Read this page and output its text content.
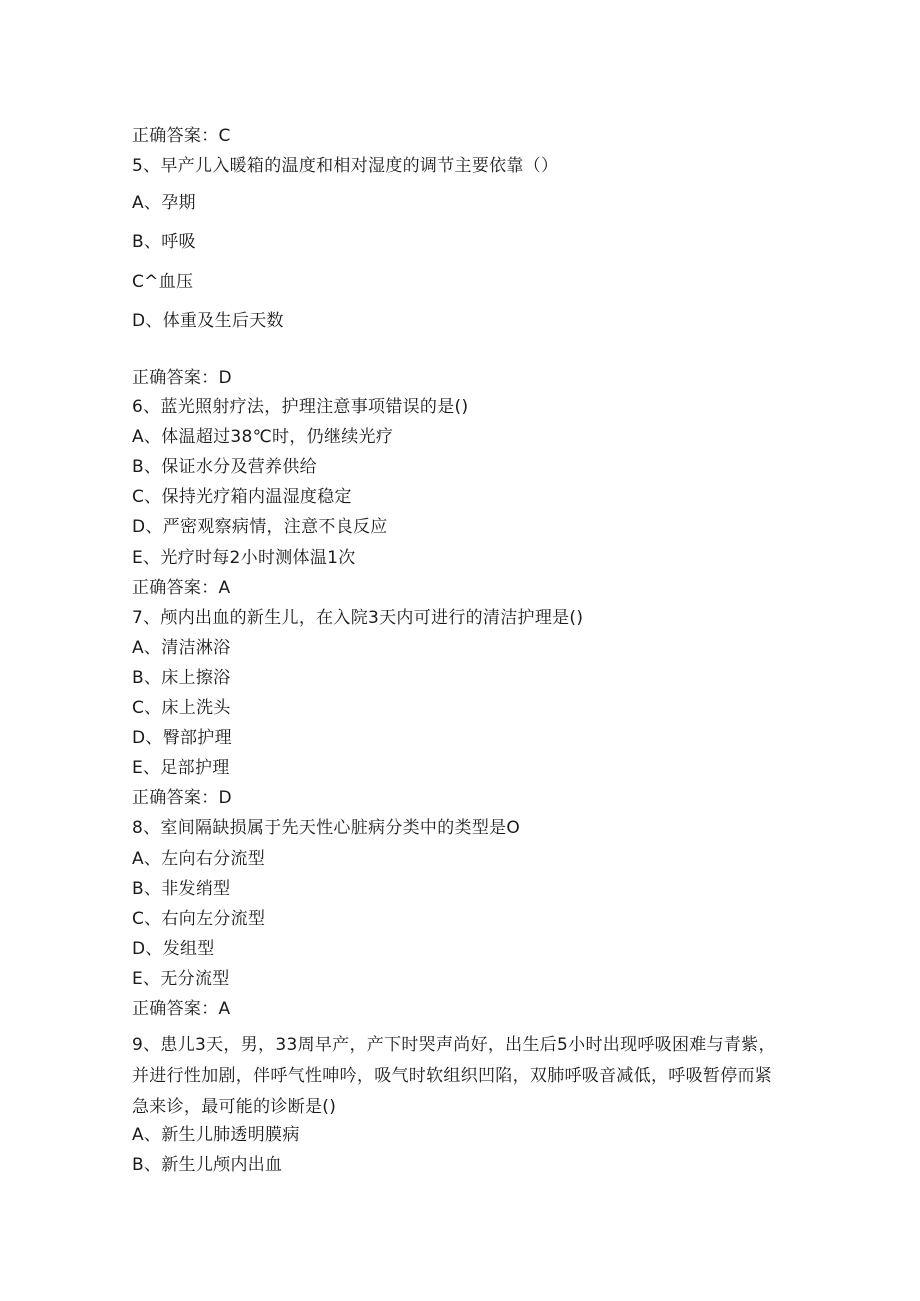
正确答案：C
5、早产儿入暖箱的温度和相对湿度的调节主要依靠（）
A、孕期
B、呼吸
C^血压
D、体重及生后天数
正确答案：D
6、蓝光照射疗法，护理注意事项错误的是()
A、体温超过38℃时，仍继续光疗
B、保证水分及营养供给
C、保持光疗箱内温湿度稳定
D、严密观察病情，注意不良反应
E、光疗时每2小时测体温1次
正确答案：A
7、颅内出血的新生儿，在入院3天内可进行的清洁护理是()
A、清洁淋浴
B、床上擦浴
C、床上洗头
D、臀部护理
E、足部护理
正确答案：D
8、室间隔缺损属于先天性心脏病分类中的类型是O
A、左向右分流型
B、非发绡型
C、右向左分流型
D、发组型
E、无分流型
正确答案：A
9、患儿3天，男，33周早产，产下时哭声尚好，出生后5小时出现呼吸困难与青紫，并进行性加剧，伴呼气性呻吟，吸气时软组织凹陷，双肺呼吸音减低，呼吸暂停而紧急来诊，最可能的诊断是()
A、新生儿肺透明膜病
B、新生儿颅内出血
